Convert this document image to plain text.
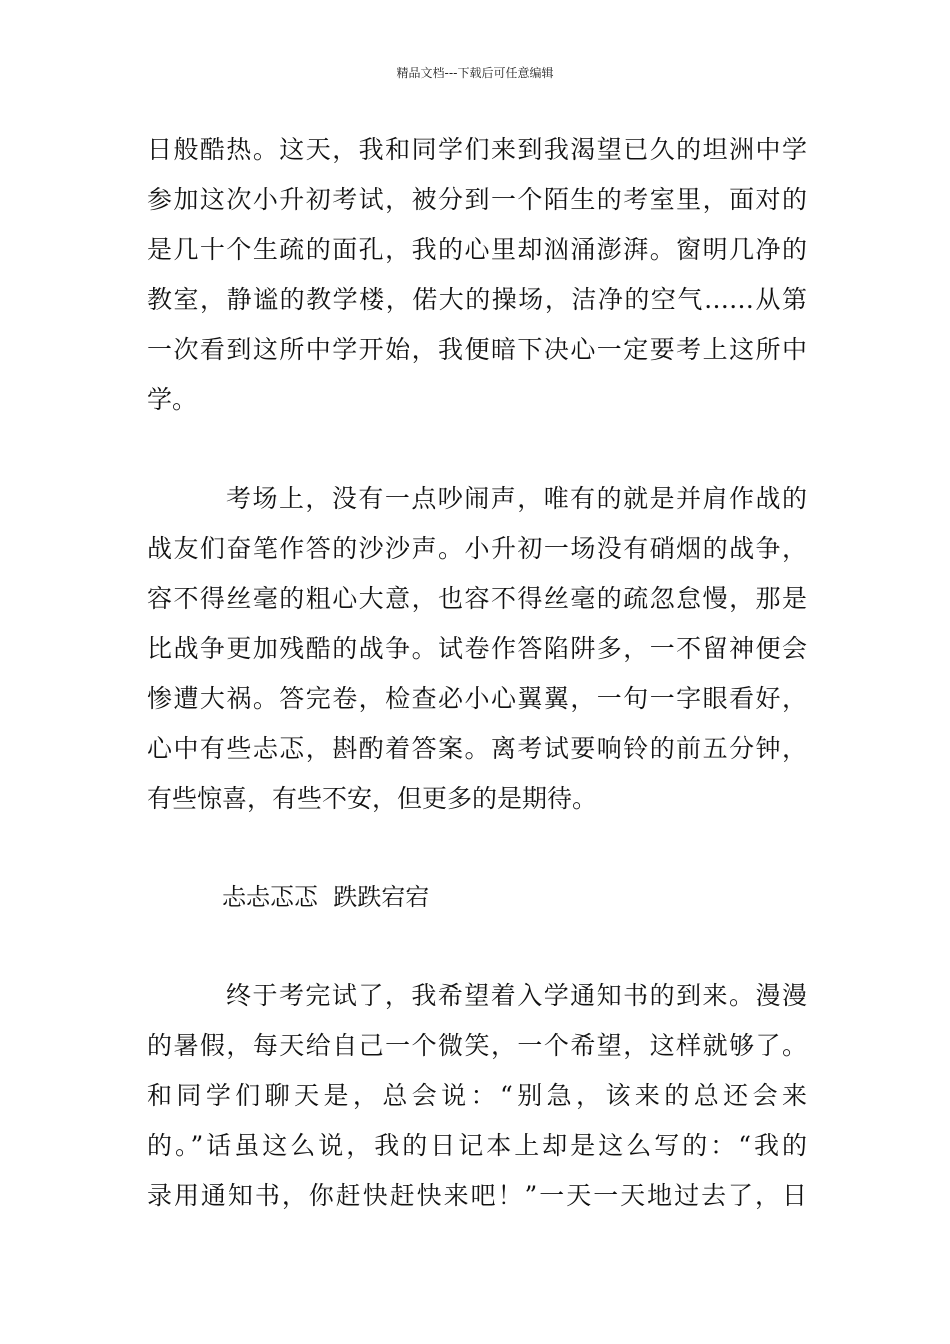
精品文档---下载后可任意编辑
日般酷热。这天，我和同学们来到我渴望已久的坦洲中学
参加这次小升初考试，被分到一个陌生的考室里，面对的
是几十个生疏的面孔，我的心里却汹涌澎湃。窗明几净的
教室，静谧的教学楼，偌大的操场，洁净的空气……从第
一次看到这所中学开始，我便暗下决心一定要考上这所中
学。
考场上，没有一点吵闹声，唯有的就是并肩作战的
战友们奋笔作答的沙沙声。小升初一场没有硝烟的战争，
容不得丝毫的粗心大意，也容不得丝毫的疏忽怠慢，那是
比战争更加残酷的战争。试卷作答陷阱多，一不留神便会
惨遭大祸。答完卷，检查必小心翼翼，一句一字眼看好，
心中有些忐忑，斟酌着答案。离考试要响铃的前五分钟，
有些惊喜，有些不安，但更多的是期待。
忐忐忑忑  跌跌宕宕
终于考完试了，我希望着入学通知书的到来。漫漫
的暑假，每天给自己一个微笑，一个希望，这样就够了。
和同学们聊天是，总会说：“别急，该来的总还会来
的。”话虽这么说，我的日记本上却是这么写的：“我的
录用通知书，你赶快赶快来吧！”一天一天地过去了，日
